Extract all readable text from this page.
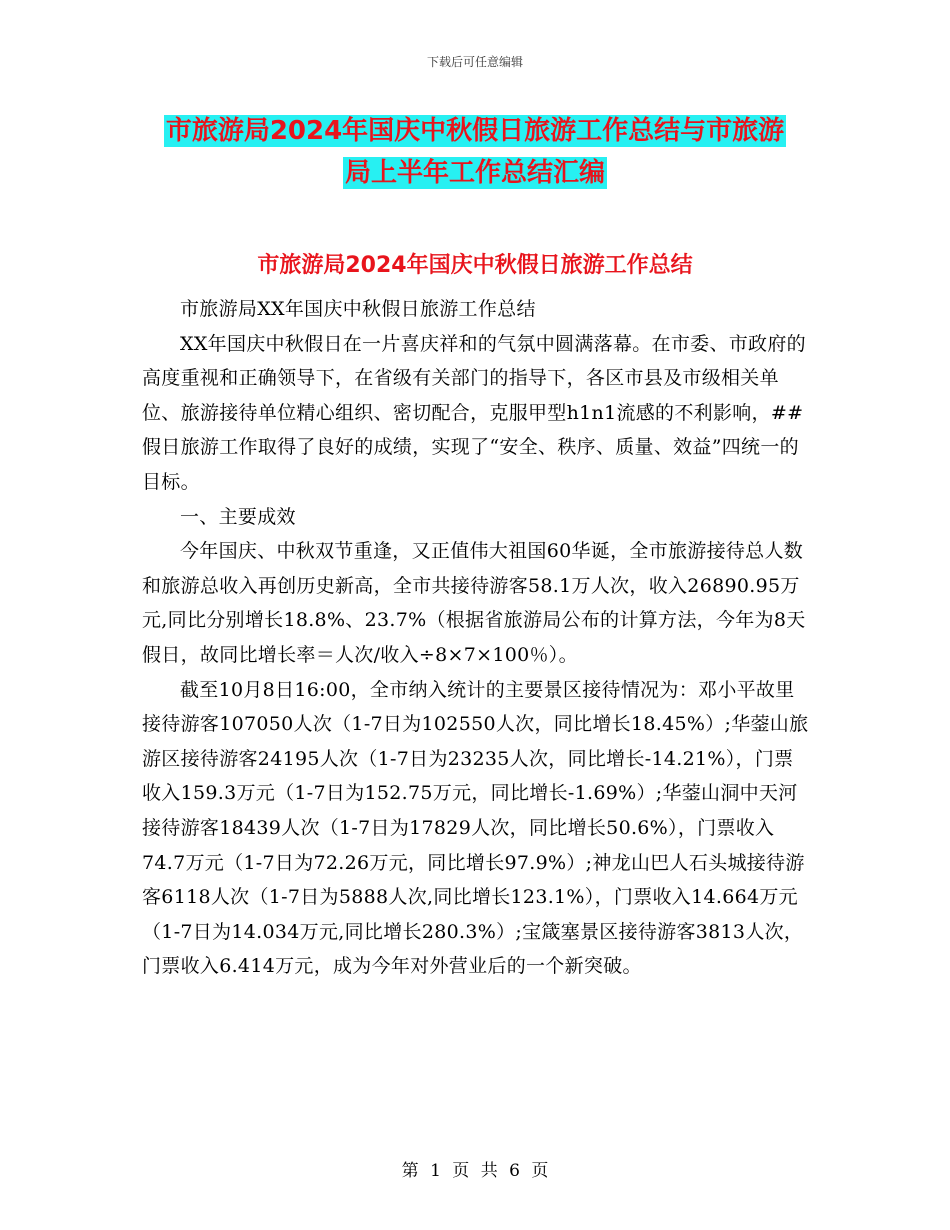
下载后可任意编辑
市旅游局2024年国庆中秋假日旅游工作总结与市旅游
局上半年工作总结汇编
市旅游局2024年国庆中秋假日旅游工作总结

市旅游局XX年国庆中秋假日旅游工作总结

XX年国庆中秋假日在一片喜庆祥和的气氛中圆满落幕。在市委、市政府的高度重视和正确领导下，在省级有关部门的指导下，各区市县及市级相关单位、旅游接待单位精心组织、密切配合，克服甲型h1n1流感的不利影响，##假日旅游工作取得了良好的成绩，实现了“安全、秩序、质量、效益”四统一的目标。

一、主要成效

今年国庆、中秋双节重逢，又正值伟大祖国60华诞，全市旅游接待总人数和旅游总收入再创历史新高，全市共接待游客58.1万人次，收入26890.95万元,同比分别增长18.8%、23.7%（根据省旅游局公布的计算方法，今年为8天假日，故同比增长率＝人次/收入÷8×7×100％）。

截至10月8日16:00，全市纳入统计的主要景区接待情况为：邓小平故里接待游客107050人次（1-7日为102550人次，同比增长18.45%）;华蓥山旅游区接待游客24195人次（1-7日为23235人次，同比增长-14.21%），门票收入159.3万元（1-7日为152.75万元，同比增长-1.69%）;华蓥山洞中天河接待游客18439人次（1-7日为17829人次，同比增长50.6%），门票收入74.7万元（1-7日为72.26万元，同比增长97.9%）;神龙山巴人石头城接待游客6118人次（1-7日为5888人次,同比增长123.1%），门票收入14.664万元（1-7日为14.034万元,同比增长280.3%）;宝箴塞景区接待游客3813人次，门票收入6.414万元，成为今年对外营业后的一个新突破。

第 1 页 共 6 页
